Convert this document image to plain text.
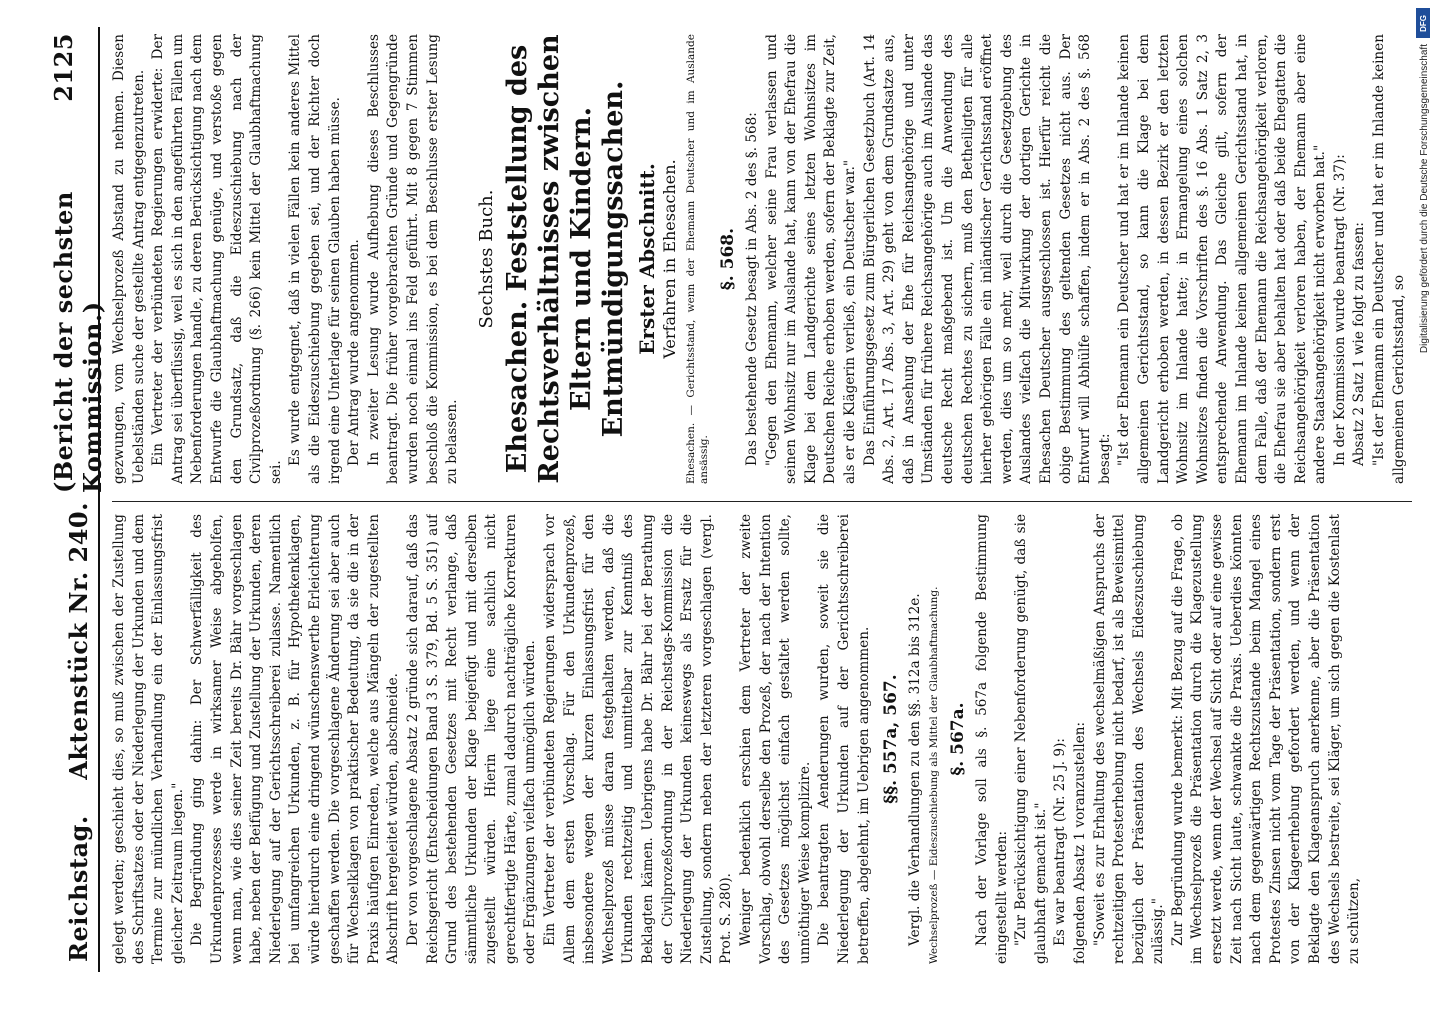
Reichstag.
Aktenstück Nr. 240.
(Bericht der sechsten Kommission.)
2125

gelegt werden; geschieht dies, so muß zwischen der Zustellung des Schriftsatzes oder der Niederlegung der Urkunden und dem Termine zur mündlichen Verhandlung ein der Einlassungsfrist gleicher Zeitraum liegen." Die Begründung ging dahin: Der Schwerfälligkeit des Urkundenprozesses werde in wirksamer Weise abgeholfen, wenn man, wie dies seiner Zeit bereits Dr. Bähr vorgeschlagen habe, neben der Beifügung und Zustellung der Urkunden, deren Niederlegung auf der Gerichtsschreiberei zulasse. Namentlich bei umfangreichen Urkunden, z. B. für Hypothekenklagen, würde hierdurch eine dringend wünschenswerthe Erleichterung geschaffen werden. Die vorgeschlagene Änderung sei aber auch für Wechselklagen von praktischer Bedeutung, da sie die in der Praxis häufigen Einreden, welche aus Mängeln der zugestellten Abschrift hergeleitet würden, abschneide. Der von vorgeschlagene Absatz 2 gründe sich darauf, daß das Reichsgericht (Entscheidungen Band 3 S. 379, Bd. 5 S. 351) auf Grund des bestehenden Gesetzes mit Recht verlange, daß sämmtliche Urkunden der Klage beigefügt und mit derselben zugestellt würden. Hierin liege eine sachlich nicht gerechtfertigte Härte, zumal dadurch nachträgliche Korrekturen oder Ergänzungen vielfach unmöglich würden. Ein Vertreter der verbündeten Regierungen widersprach vor Allem dem ersten Vorschlag. Für den Urkundenprozeß, insbesondere wegen der kurzen Einlassungsfrist für den Wechselprozeß müsse daran festgehalten werden, daß die Urkunden rechtzeitig und unmittelbar zur Kenntniß des Beklagten kämen. Uebrigens habe Dr. Bähr bei der Berathung der Civilprozeßordnung in der Reichstags-Kommission die Niederlegung der Urkunden keineswegs als Ersatz für die Zustellung, sondern neben der letzteren vorgeschlagen (vergl. Prot. S. 280). Weniger bedenklich erschien dem Vertreter der zweite Vorschlag, obwohl derselbe den Prozeß, der nach der Intention des Gesetzes möglichst einfach gestaltet werden sollte, unnöthiger Weise komplizire. Die beantragten Aenderungen wurden, soweit sie die Niederlegung der Urkunden auf der Gerichtsschreiberei betreffen, abgelehnt, im Uebrigen angenommen. §§. 557a, 567. Vergl. die Verhandlungen zu den §§. 312a bis 312e. Wechselprozeß — Eideszuschiebung als Mittel der Glaubhaftmachung. §. 567a. Nach der Vorlage soll als §. 567a folgende Bestimmung eingestellt werden: "Zur Berücksichtigung einer Nebenforderung genügt, daß sie glaubhaft gemacht ist." Es war beantragt (Nr. 25 J. 9): folgenden Absatz 1 voranzustellen: "Soweit es zur Erhaltung des wechselmäßigen Anspruchs der rechtzeitigen Protesterhebung nicht bedarf, ist als Beweismittel bezüglich der Präsentation des Wechsels Eideszuschiebung zulässig." Zur Begründung wurde bemerkt: Mit Bezug auf die Frage, ob im Wechselprozeß die Präsentation durch die Klagezustellung ersetzt werde, wenn der Wechsel auf Sicht oder auf eine gewisse Zeit nach Sicht laute, schwankte die Praxis. Ueberdies könnten nach dem gegenwärtigen Rechtszustande beim Mangel eines Protestes Zinsen nicht vom Tage der Präsentation, sondern erst von der Klageerhebung gefordert werden, und wenn der Beklagte den Klageanspruch anerkenne, aber die Präsentation des Wechsels bestreite, sei Kläger, um sich gegen die Kostenlast zu schützen,

gezwungen, vom Wechselprozeß Abstand zu nehmen. Diesen Uebelständen suche der gestellte Antrag entgegenzutreten. Ein Vertreter der verbündeten Regierungen erwiderte: Der Antrag sei überflüssig, weil es sich in den angeführten Fällen um Nebenforderungen handle, zu deren Berücksichtigung nach dem Entwurfe die Glaubhaftmachung genüge, und verstoße gegen den Grundsatz, daß die Eideszuschiebung nach der Civilprozeßordnung (§. 266) kein Mittel der Glaubhaftmachung sei.

Es wurde entgegnet, daß in vielen Fällen kein anderes Mittel als die Eideszuschiebung gegeben sei, und der Richter doch irgend eine Unterlage für seinen Glauben haben müsse. Der Antrag wurde angenommen. In zweiter Lesung wurde Aufhebung dieses Beschlusses beantragt. Die früher vorgebrachten Gründe und Gegengründe wurden noch einmal ins Feld geführt. Mit 8 gegen 7 Stimmen beschloß die Kommission, es bei dem Beschlusse erster Lesung zu belassen.

Sechstes Buch. Ehesachen. Feststellung des Rechtsverhältnisses zwischen Eltern und Kindern. Entmündigungssachen. Erster Abschnitt. Verfahren in Ehesachen. Ehesachen. — Gerichtsstand, wenn der Ehemann Deutscher und im Auslande ansässig.
§. 568. Das bestehende Gesetz besagt in Abs. 2 des §. 568: "Gegen den Ehemann, welcher seine Frau verlassen und seinen Wohnsitz nur im Auslande hat, kann von der Ehefrau die Klage bei dem Landgerichte seines letzten Wohnsitzes im Deutschen Reiche erhoben werden, sofern der Beklagte zur Zeit, als er die Klägerin verließ, ein Deutscher war." Das Einführungsgesetz zum Bürgerlichen Gesetzbuch (Art. 14 Abs. 2, Art. 17 Abs. 3, Art. 29) geht von dem Grundsatze aus, daß in Ansehung der Ehe für Reichsangehörige und unter Umständen für frühere Reichsangehörige auch im Auslande das deutsche Recht maßgebend ist. Um die Anwendung des deutschen Rechtes zu sichern, muß den Betheiligten für alle hierher gehörigen Fälle ein inländischer Gerichtsstand eröffnet werden, dies um so mehr, weil durch die Gesetzgebung des Auslandes vielfach die Mitwirkung der dortigen Gerichte in Ehesachen Deutscher ausgeschlossen ist. Hierfür reicht die obige Bestimmung des geltenden Gesetzes nicht aus. Der Entwurf will Abhülfe schaffen, indem er in Abs. 2 des §. 568 besagt: "Ist der Ehemann ein Deutscher und hat er im Inlande keinen allgemeinen Gerichtsstand, so kann die Klage bei dem Landgericht erhoben werden, in dessen Bezirk er den letzten Wohnsitz im Inlande hatte; in Ermangelung eines solchen Wohnsitzes finden die Vorschriften des §. 16 Abs. 1 Satz 2, 3 entsprechende Anwendung. Das Gleiche gilt, sofern der Ehemann im Inlande keinen allgemeinen Gerichtsstand hat, in dem Falle, daß der Ehemann die Reichsangehörigkeit verloren, die Ehefrau sie aber behalten hat oder daß beide Ehegatten die Reichsangehörigkeit verloren haben, der Ehemann aber eine andere Staatsangehörigkeit nicht erworben hat." In der Kommission wurde beantragt (Nr. 37): Absatz 2 Satz 1 wie folgt zu fassen: "Ist der Ehemann ein Deutscher und hat er im Inlande keinen allgemeinen Gerichtsstand, so

DFG
Digitalisierung gefördert durch die Deutsche Forschungsgemeinschaft
